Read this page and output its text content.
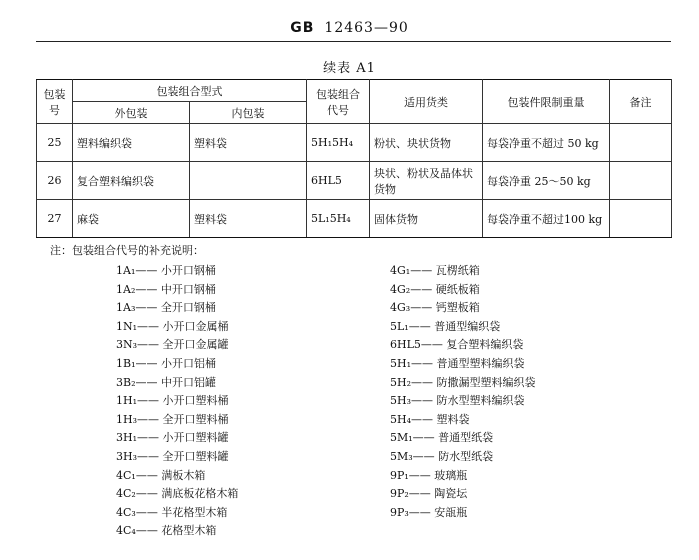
GB 12463—90
续表 A1
包装号	包装组合型式		包装组合代号	适用货类	包装件限制重量	备注
	外包装	内包装				
25	塑料编织袋	塑料袋	5H₁5H₄	粉状、块状货物	每袋净重不超过 50 kg	
26	复合塑料编织袋		6HL5	块状、粉状及晶体状货物	每袋净重 25～50 kg	
27	麻袋	塑料袋	5L₁5H₄	固体货物	每袋净重不超过100 kg	

注：包装组合代号的补充说明：

1A₁—— 小开口钢桶
1A₂—— 中开口钢桶
1A₃—— 全开口钢桶
1N₁—— 小开口金属桶
3N₃—— 全开口金属罐
1B₁—— 小开口铝桶
3B₂—— 中开口铝罐
1H₁—— 小开口塑料桶
1H₃—— 全开口塑料桶
3H₁—— 小开口塑料罐
3H₃—— 全开口塑料罐
4C₁—— 满板木箱
4C₂—— 满底板花格木箱
4C₃—— 半花格型木箱
4C₄—— 花格型木箱
4G₁—— 瓦楞纸箱
4G₂—— 硬纸板箱
4G₃—— 钙塑板箱
5L₁—— 普通型编织袋
6HL5—— 复合塑料编织袋
5H₁—— 普通型塑料编织袋
5H₂—— 防撒漏型塑料编织袋
5H₃—— 防水型塑料编织袋
5H₄—— 塑料袋
5M₁—— 普通型纸袋
5M₃—— 防水型纸袋
9P₁—— 玻璃瓶
9P₂—— 陶瓷坛
9P₃—— 安瓿瓶
